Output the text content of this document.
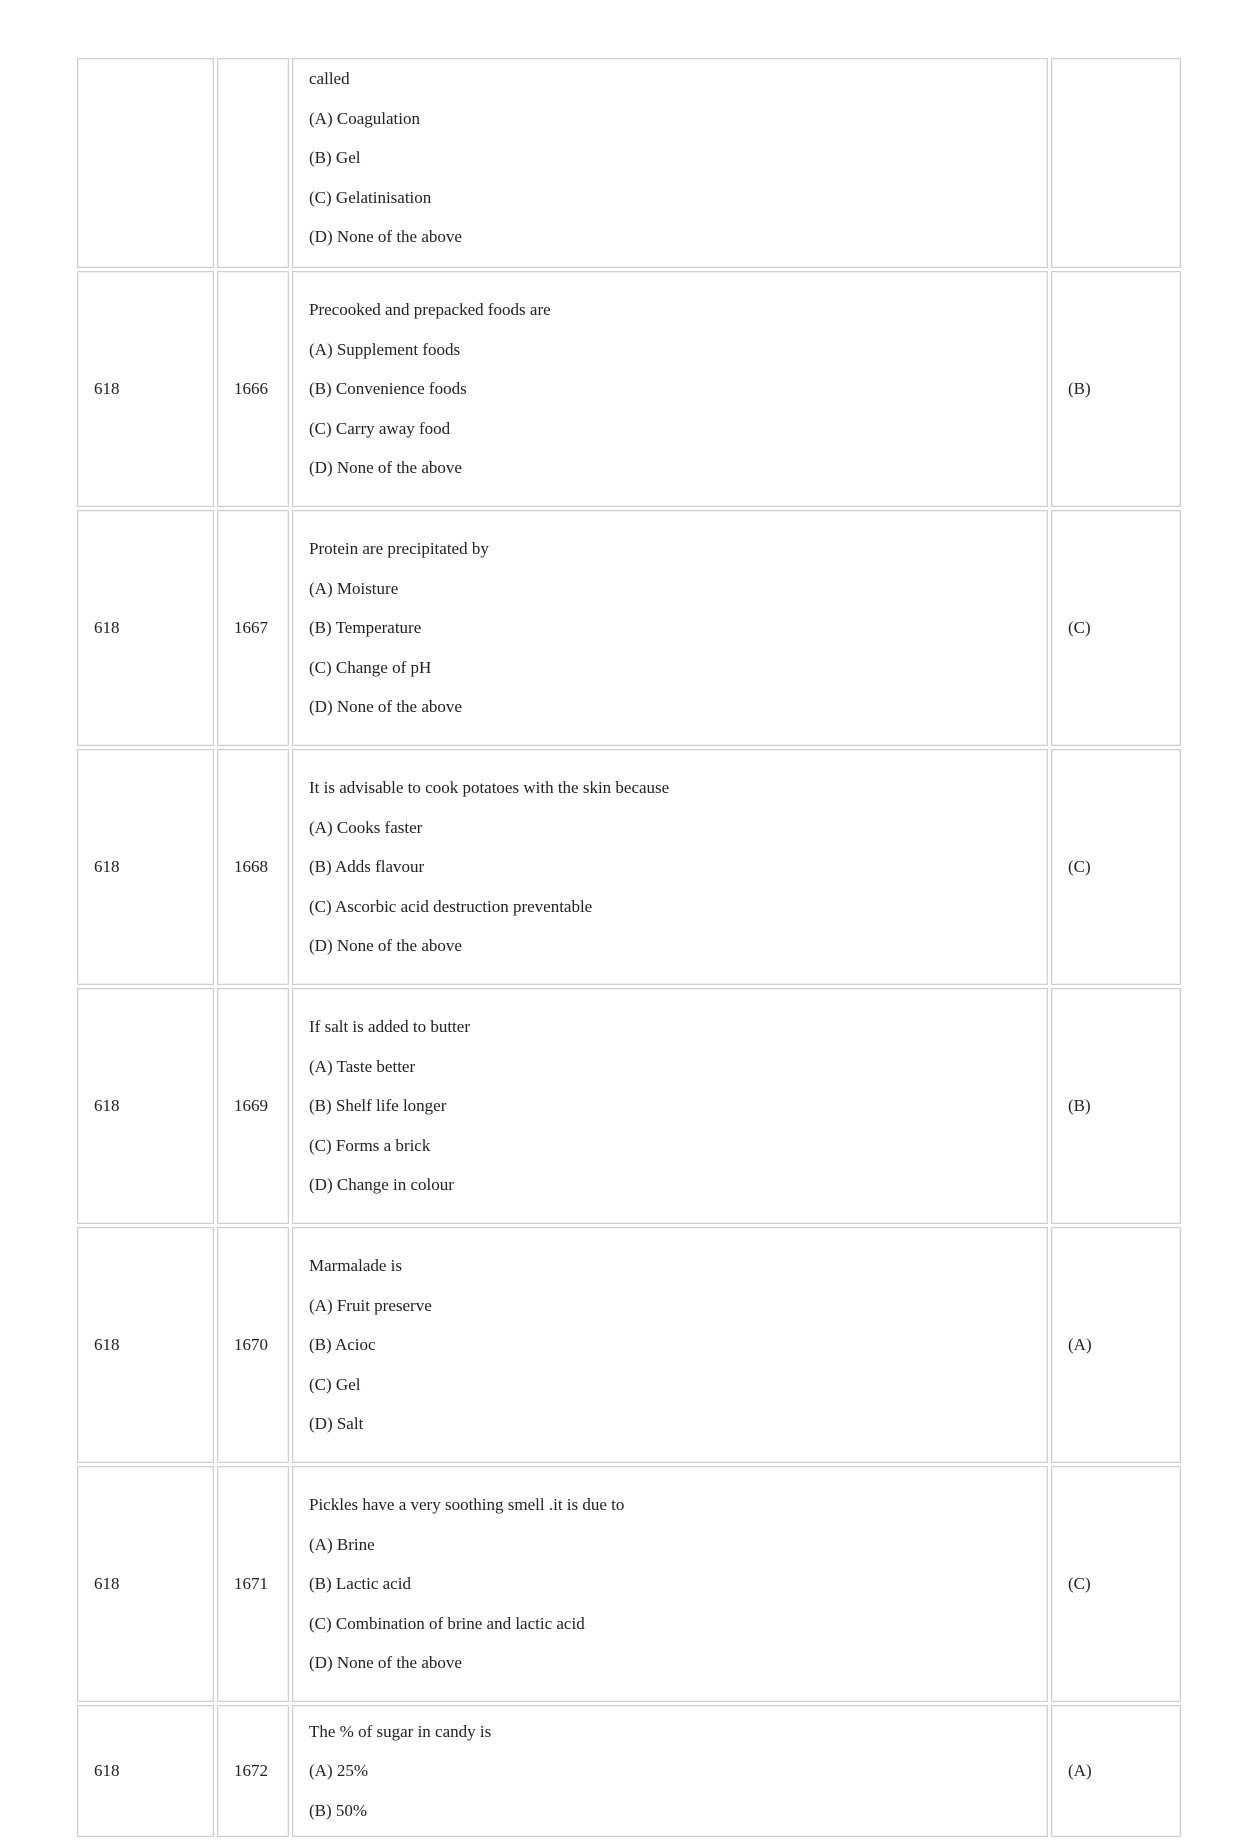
		called

(A) Coagulation

(B) Gel

(C) Gelatinisation

(D) None of the above	

618	1666	Precooked and prepacked foods are

(A) Supplement foods

(B) Convenience foods

(C) Carry away food

(D) None of the above	(B)
618	1667	Protein are precipitated by

(A) Moisture

(B) Temperature

(C) Change of pH

(D) None of the above	(C)
618	1668	It is advisable to cook potatoes with the skin because

(A) Cooks faster

(B) Adds flavour

(C) Ascorbic acid destruction preventable

(D) None of the above	(C)
618	1669	If salt is added to butter

(A) Taste better

(B) Shelf life longer

(C) Forms a brick

(D) Change in colour	(B)
618	1670	Marmalade is

(A) Fruit preserve

(B) Acioc

(C) Gel

(D) Salt	(A)
618	1671	Pickles have a very soothing smell .it is due to

(A) Brine

(B) Lactic acid

(C) Combination of brine and lactic acid

(D) None of the above	(C)
618	1672	The % of sugar in candy is

(A) 25%

(B) 50%	(A)
